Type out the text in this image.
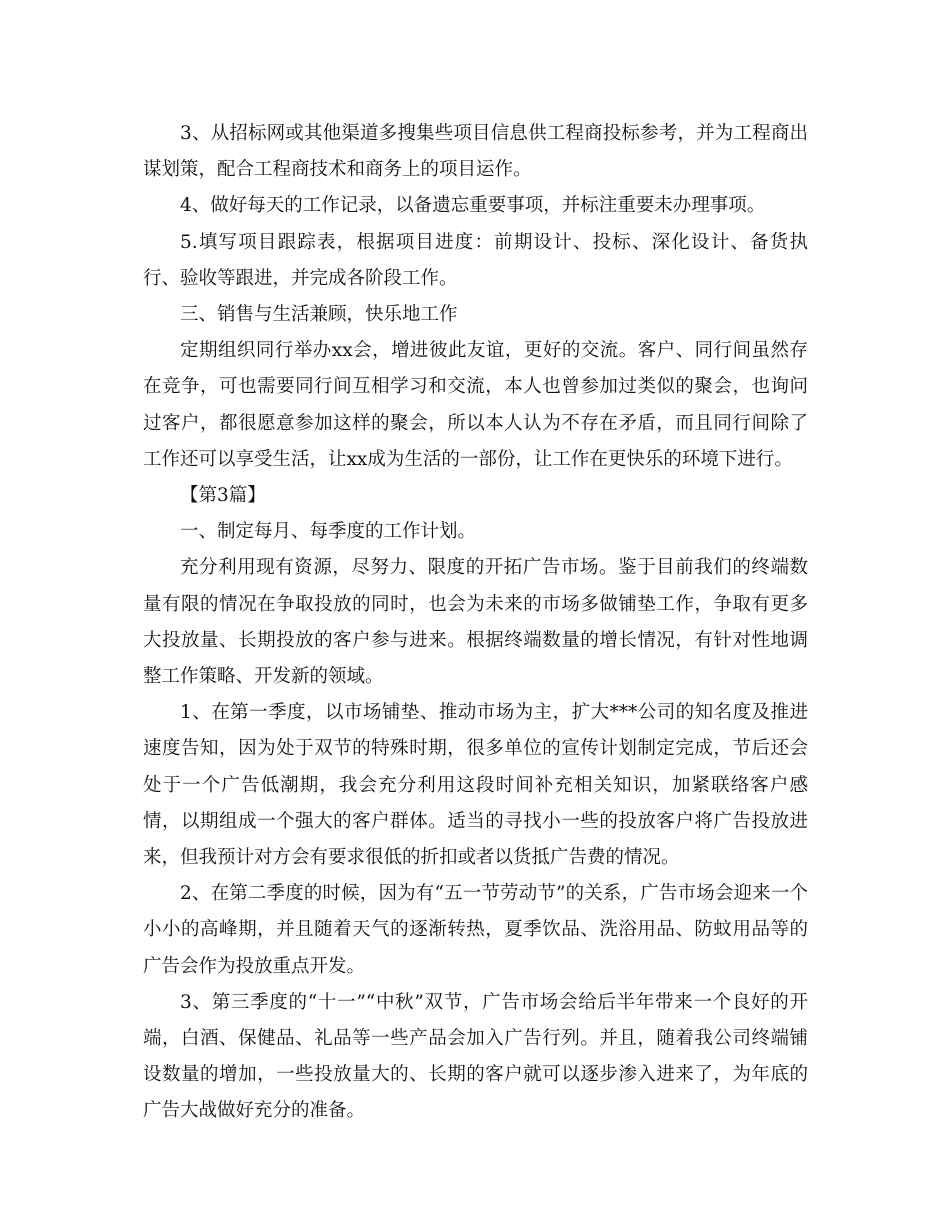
3、从招标网或其他渠道多搜集些项目信息供工程商投标参考，并为工程商出谋划策，配合工程商技术和商务上的项目运作。

4、做好每天的工作记录，以备遗忘重要事项，并标注重要未办理事项。

5.填写项目跟踪表，根据项目进度：前期设计、投标、深化设计、备货执行、验收等跟进，并完成各阶段工作。

三、销售与生活兼顾，快乐地工作

定期组织同行举办xx会，增进彼此友谊，更好的交流。客户、同行间虽然存在竞争，可也需要同行间互相学习和交流，本人也曾参加过类似的聚会，也询问过客户，都很愿意参加这样的聚会，所以本人认为不存在矛盾，而且同行间除了工作还可以享受生活，让xx成为生活的一部份，让工作在更快乐的环境下进行。

【第3篇】

一、制定每月、每季度的工作计划。

充分利用现有资源，尽努力、限度的开拓广告市场。鉴于目前我们的终端数量有限的情况在争取投放的同时，也会为未来的市场多做铺垫工作，争取有更多大投放量、长期投放的客户参与进来。根据终端数量的增长情况，有针对性地调整工作策略、开发新的领域。

1、在第一季度，以市场铺垫、推动市场为主，扩大***公司的知名度及推进速度告知，因为处于双节的特殊时期，很多单位的宣传计划制定完成，节后还会处于一个广告低潮期，我会充分利用这段时间补充相关知识，加紧联络客户感情，以期组成一个强大的客户群体。适当的寻找小一些的投放客户将广告投放进来，但我预计对方会有要求很低的折扣或者以货抵广告费的情况。

2、在第二季度的时候，因为有“五一节劳动节”的关系，广告市场会迎来一个小小的高峰期，并且随着天气的逐渐转热，夏季饮品、洗浴用品、防蚊用品等的广告会作为投放重点开发。

3、第三季度的“十一”“中秋”双节，广告市场会给后半年带来一个良好的开端，白酒、保健品、礼品等一些产品会加入广告行列。并且，随着我公司终端铺设数量的增加，一些投放量大的、长期的客户就可以逐步渗入进来了，为年底的广告大战做好充分的准备。
